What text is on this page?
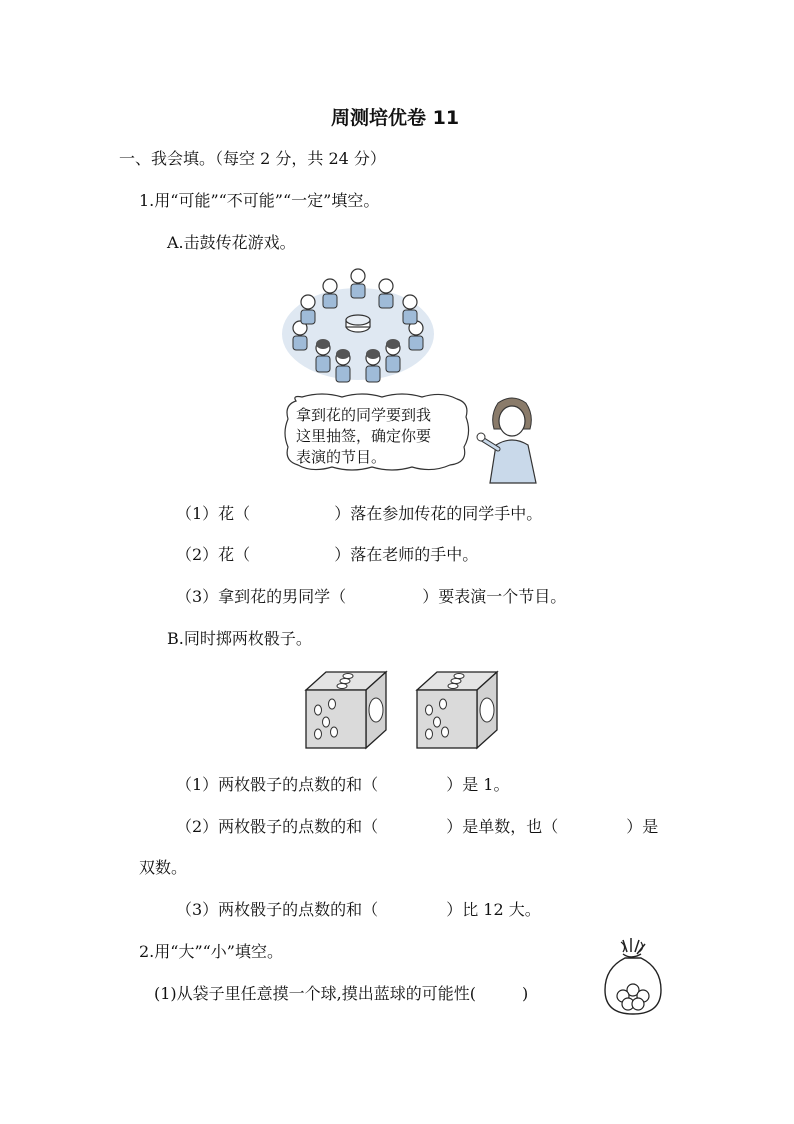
周测培优卷 11
一、我会填。（每空 2 分，共 24 分）
1.用“可能”“不可能”“一定”填空。
A.击鼓传花游戏。
拿到花的同学要到我
这里抽签，确定你要
表演的节目。
（1）花（	）落在参加传花的同学手中。
（2）花（	）落在老师的手中。
（3）拿到花的男同学（	）要表演一个节目。
B.同时掷两枚骰子。
（1）两枚骰子的点数的和（	）是 1。
（2）两枚骰子的点数的和（	）是单数，也（	）是
双数。
（3）两枚骰子的点数的和（	）比 12 大。
2.用“大”“小”填空。
(1)从袋子里任意摸一个球,摸出蓝球的可能性(	)
